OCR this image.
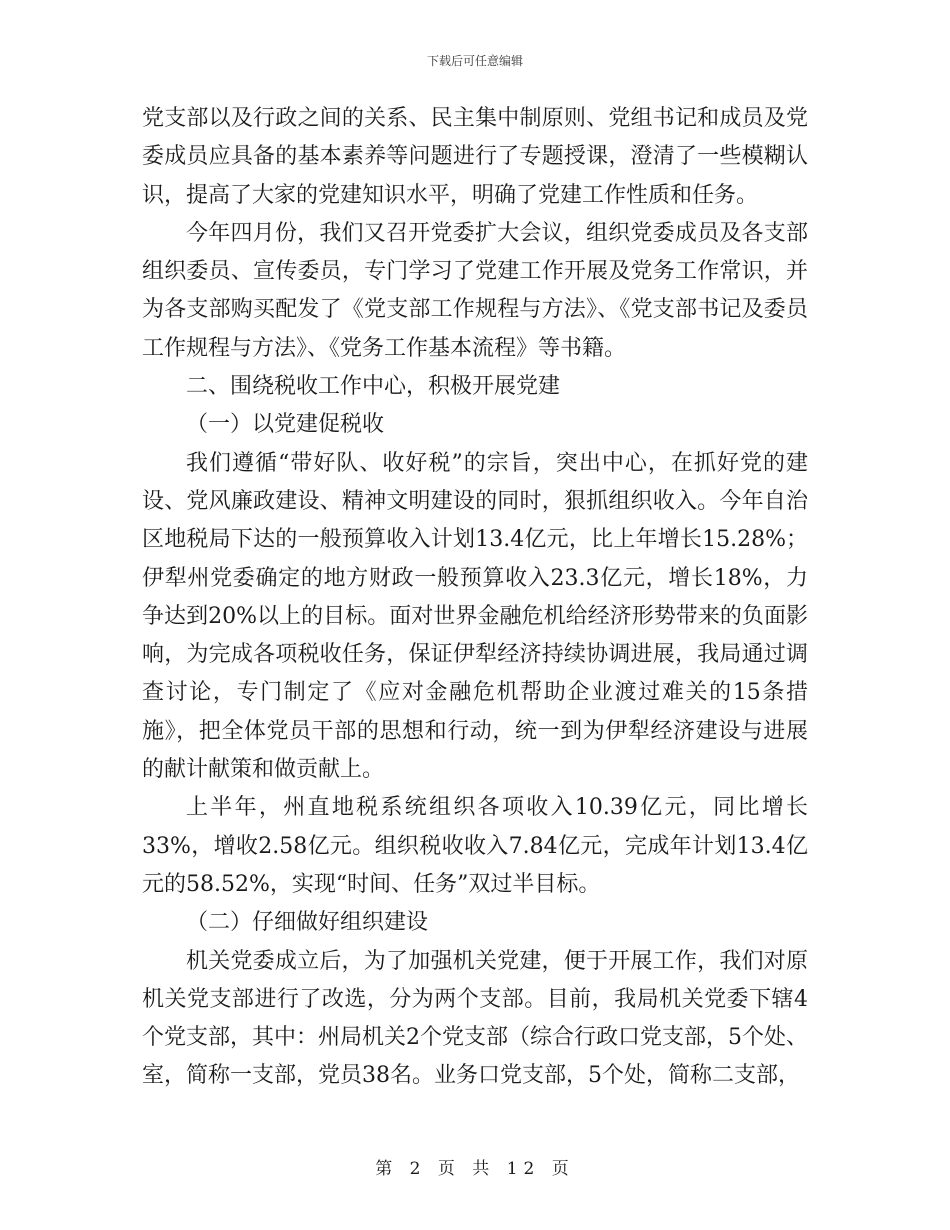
下载后可任意编辑

党支部以及行政之间的关系、民主集中制原则、党组书记和成员及党委成员应具备的基本素养等问题进行了专题授课，澄清了一些模糊认识，提高了大家的党建知识水平，明确了党建工作性质和任务。

今年四月份，我们又召开党委扩大会议，组织党委成员及各支部组织委员、宣传委员，专门学习了党建工作开展及党务工作常识，并为各支部购买配发了《党支部工作规程与方法》、《党支部书记及委员工作规程与方法》、《党务工作基本流程》等书籍。

二、围绕税收工作中心，积极开展党建

（一）以党建促税收

我们遵循“带好队、收好税”的宗旨，突出中心，在抓好党的建设、党风廉政建设、精神文明建设的同时，狠抓组织收入。今年自治区地税局下达的一般预算收入计划13.4亿元，比上年增长15.28%；伊犁州党委确定的地方财政一般预算收入23.3亿元，增长18%，力争达到20%以上的目标。面对世界金融危机给经济形势带来的负面影响，为完成各项税收任务，保证伊犁经济持续协调进展，我局通过调查讨论，专门制定了《应对金融危机帮助企业渡过难关的15条措施》，把全体党员干部的思想和行动，统一到为伊犁经济建设与进展的献计献策和做贡献上。

上半年，州直地税系统组织各项收入10.39亿元，同比增长33%，增收2.58亿元。组织税收收入7.84亿元，完成年计划13.4亿元的58.52%，实现“时间、任务”双过半目标。

（二）仔细做好组织建设

机关党委成立后，为了加强机关党建，便于开展工作，我们对原机关党支部进行了改选，分为两个支部。目前，我局机关党委下辖4个党支部，其中：州局机关2个党支部（综合行政口党支部，5个处、室，简称一支部，党员38名。业务口党支部，5个处，简称二支部，

第 2 页 共 12 页
